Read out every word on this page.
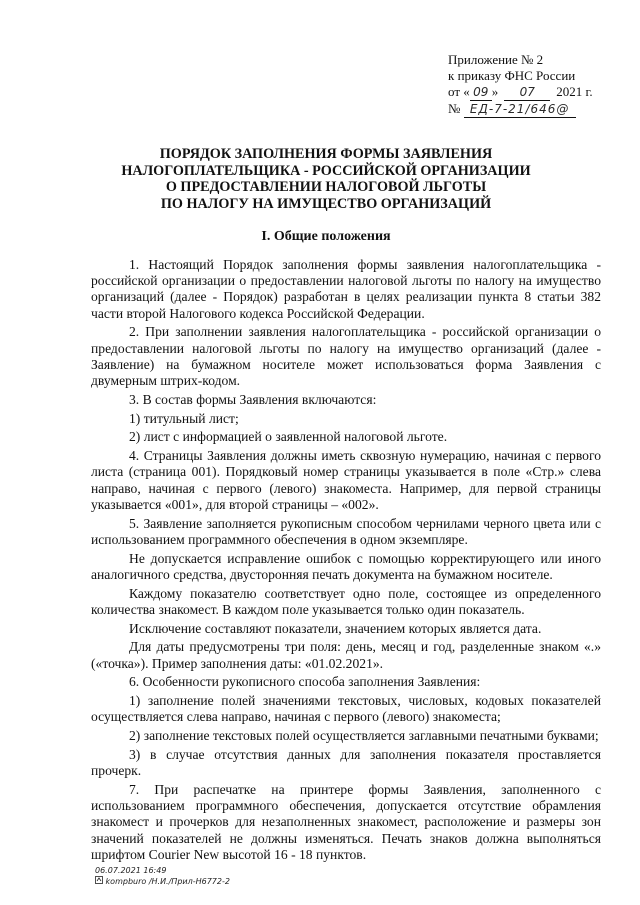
Приложение № 2
к приказу ФНС России
от « 09 » 07 2021 г.
№ ЕД-7-21/646@
ПОРЯДОК ЗАПОЛНЕНИЯ ФОРМЫ ЗАЯВЛЕНИЯ
НАЛОГОПЛАТЕЛЬЩИКА - РОССИЙСКОЙ ОРГАНИЗАЦИИ
О ПРЕДОСТАВЛЕНИИ НАЛОГОВОЙ ЛЬГОТЫ
ПО НАЛОГУ НА ИМУЩЕСТВО ОРГАНИЗАЦИЙ
I. Общие положения

1. Настоящий Порядок заполнения формы заявления налогоплательщика - российской организации о предоставлении налоговой льготы по налогу на имущество организаций (далее - Порядок) разработан в целях реализации пункта 8 статьи 382 части второй Налогового кодекса Российской Федерации.

2. При заполнении заявления налогоплательщика - российской организации о предоставлении налоговой льготы по налогу на имущество организаций (далее - Заявление) на бумажном носителе может использоваться форма Заявления с двумерным штрих-кодом.

3. В состав формы Заявления включаются:

1) титульный лист;

2) лист с информацией о заявленной налоговой льготе.

4. Страницы Заявления должны иметь сквозную нумерацию, начиная с первого листа (страница 001). Порядковый номер страницы указывается в поле «Стр.» слева направо, начиная с первого (левого) знакоместа. Например, для первой страницы указывается «001», для второй страницы – «002».

5. Заявление заполняется рукописным способом чернилами черного цвета или с использованием программного обеспечения в одном экземпляре.

Не допускается исправление ошибок с помощью корректирующего или иного аналогичного средства, двусторонняя печать документа на бумажном носителе.

Каждому показателю соответствует одно поле, состоящее из определенного количества знакомест. В каждом поле указывается только один показатель.

Исключение составляют показатели, значением которых является дата.

Для даты предусмотрены три поля: день, месяц и год, разделенные знаком «.» («точка»). Пример заполнения даты: «01.02.2021».

6. Особенности рукописного способа заполнения Заявления:

1) заполнение полей значениями текстовых, числовых, кодовых показателей осуществляется слева направо, начиная с первого (левого) знакоместа;

2) заполнение текстовых полей осуществляется заглавными печатными буквами;

3) в случае отсутствия данных для заполнения показателя проставляется прочерк.

7. При распечатке на принтере формы Заявления, заполненного с использованием программного обеспечения, допускается отсутствие обрамления знакомест и прочерков для незаполненных знакомест, расположение и размеры зон значений показателей не должны изменяться. Печать знаков должна выполняться шрифтом Courier New высотой 16 - 18 пунктов.

06.07.2021 16:49
kompburo /Н.И./Прил-H6772-2
